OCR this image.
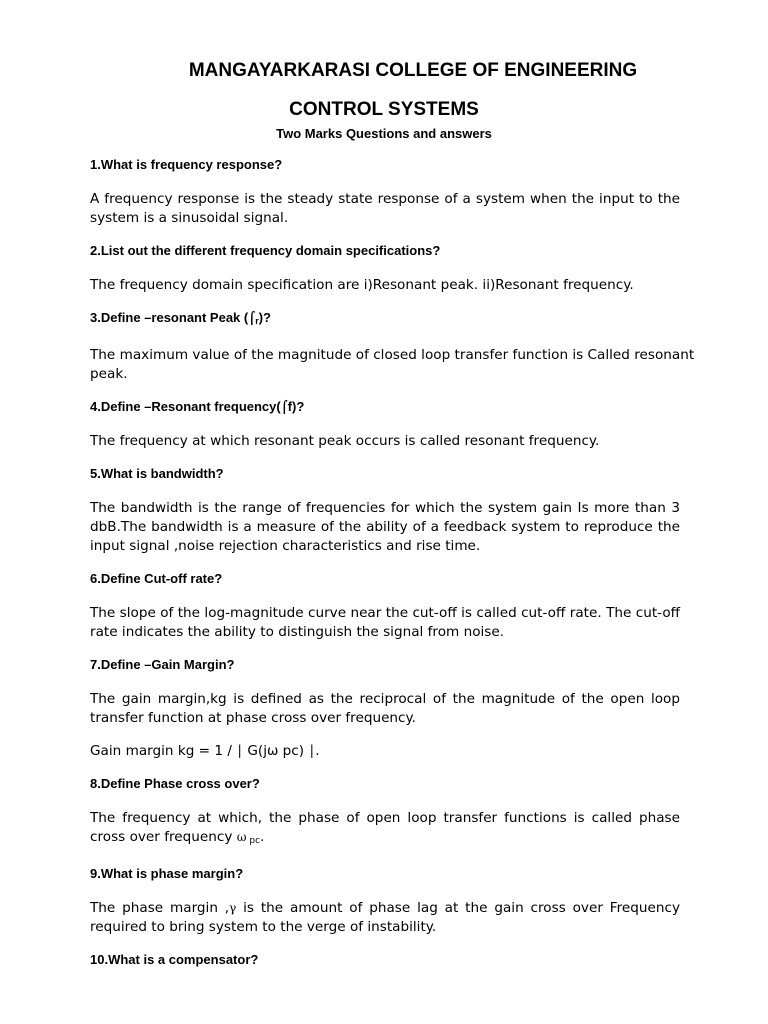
MANGAYARKARASI COLLEGE OF ENGINEERING
CONTROL SYSTEMS
Two Marks Questions and answers
1.What is frequency response?
A frequency response is the steady state response of a system when the input to the system is a sinusoidal signal.
2.List out the different frequency domain specifications?
The frequency domain specification are i)Resonant peak. ii)Resonant frequency.
3.Define –resonant Peak $(⌠_r)$?
The maximum value of the magnitude of closed loop transfer function is Called resonant peak.
4.Define –Resonant frequency(⌠f)?
The frequency at which resonant peak occurs is called resonant frequency.
5.What is bandwidth?
The bandwidth is the range of frequencies for which the system gain Is more than 3 dbB.The bandwidth is a measure of the ability of a feedback system to reproduce the input signal ,noise rejection characteristics and rise time.
6.Define Cut-off rate?
The slope of the log-magnitude curve near the cut-off is called cut-off rate. The cut-off rate indicates the ability to distinguish the signal from noise.
7.Define –Gain Margin?
The gain margin,kg is defined as the reciprocal of the magnitude of the open loop transfer function at phase cross over frequency.
Gain margin kg = 1 / ∣ G(jω pc) ∣.
8.Define Phase cross over?
The frequency at which, the phase of open loop transfer functions is called phase cross over frequency ω $_{pc}$.
9.What is phase margin?
The phase margin ,γ is the amount of phase lag at the gain cross over Frequency required to bring system to the verge of instability.
10.What is a compensator?
